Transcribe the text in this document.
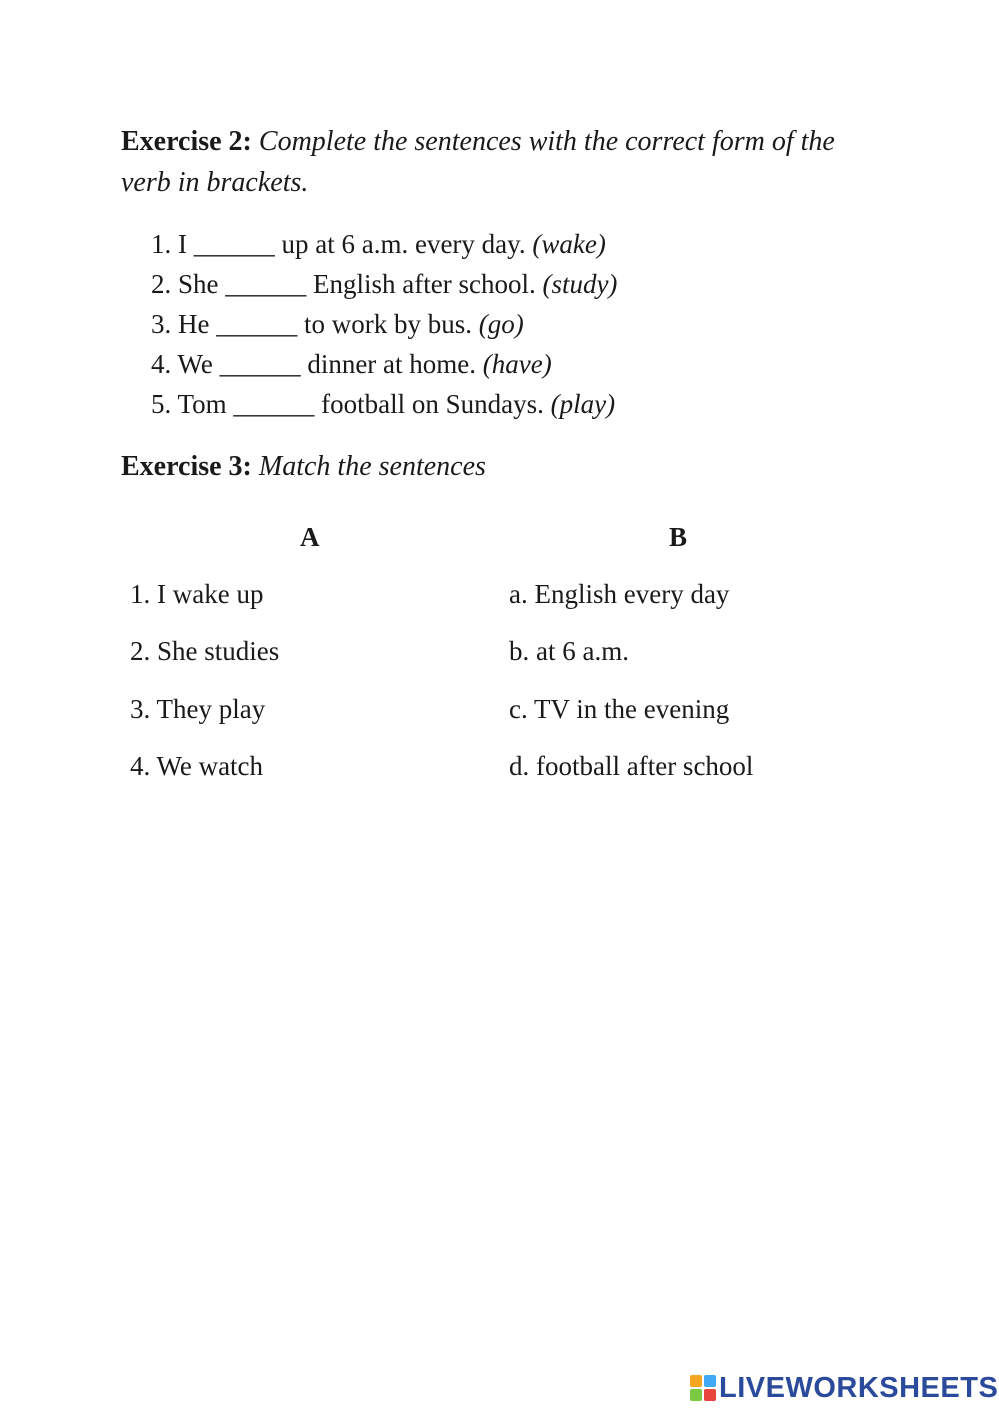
Exercise 2: Complete the sentences with the correct form of the verb in brackets.
1. I ______ up at 6 a.m. every day. (wake)
2. She ______ English after school. (study)
3. He ______ to work by bus. (go)
4. We ______ dinner at home. (have)
5. Tom ______ football on Sundays. (play)
Exercise 3: Match the sentences
A	B
1. I wake up
2. She studies
3. They play
4. We watch
a. English every day
b. at 6 a.m.
c. TV in the evening
d. football after school
LIVEWORKSHEETS
